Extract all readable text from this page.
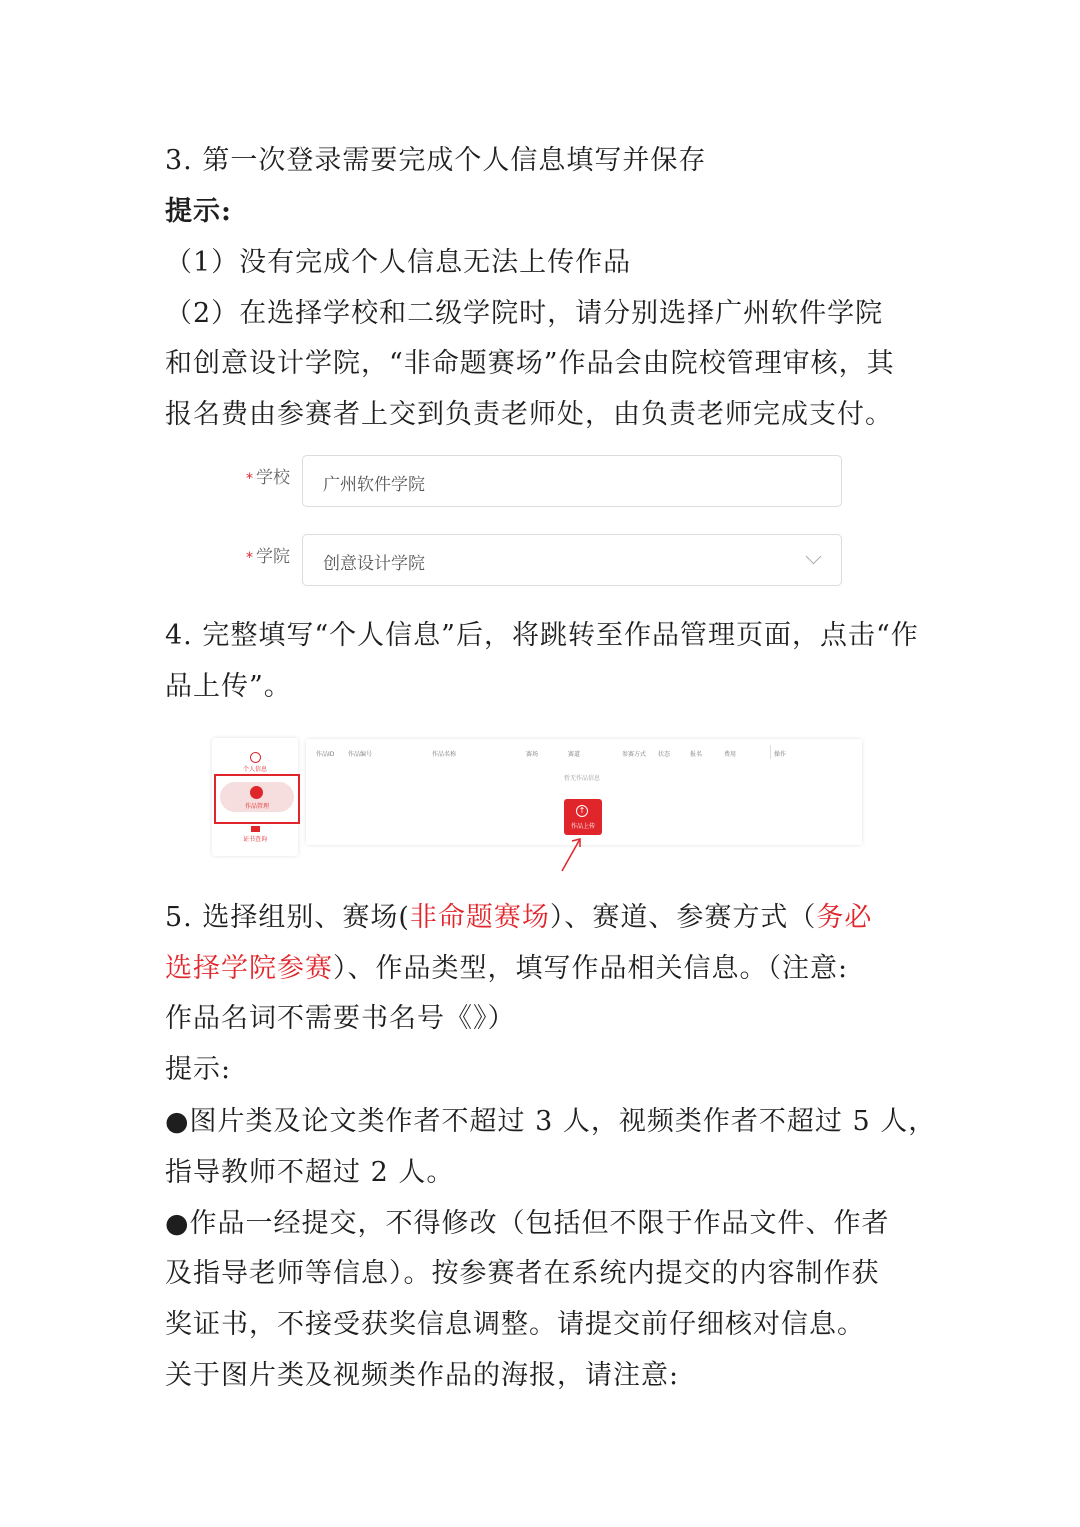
3. 第一次登录需要完成个人信息填写并保存

提示:

（1）没有完成个人信息无法上传作品

（2）在选择学校和二级学院时，请分别选择广州软件学院

和创意设计学院，“非命题赛场”作品会由院校管理审核，其

报名费由参赛者上交到负责老师处，由负责老师完成支付。

* 学校	广州软件学院
* 学院	创意设计学院

4. 完整填写“个人信息”后，将跳转至作品管理页面，点击“作

品上传”。

个人信息
作品管理
证书查询
作品ID 作品编号	作品名称	赛场	赛道	参赛方式 状态	报名	费用	操作
暂无作品信息
↑
作品上传

5. 选择组别、赛场(非命题赛场）、赛道、参赛方式（务必

选择学院参赛）、作品类型，填写作品相关信息。（注意:

作品名词不需要书名号《》）

提示:

●图片类及论文类作者不超过 3 人，视频类作者不超过 5 人，

指导教师不超过 2 人。

●作品一经提交，不得修改（包括但不限于作品文件、作者

及指导老师等信息）。按参赛者在系统内提交的内容制作获

奖证书，不接受获奖信息调整。请提交前仔细核对信息。

关于图片类及视频类作品的海报，请注意:
